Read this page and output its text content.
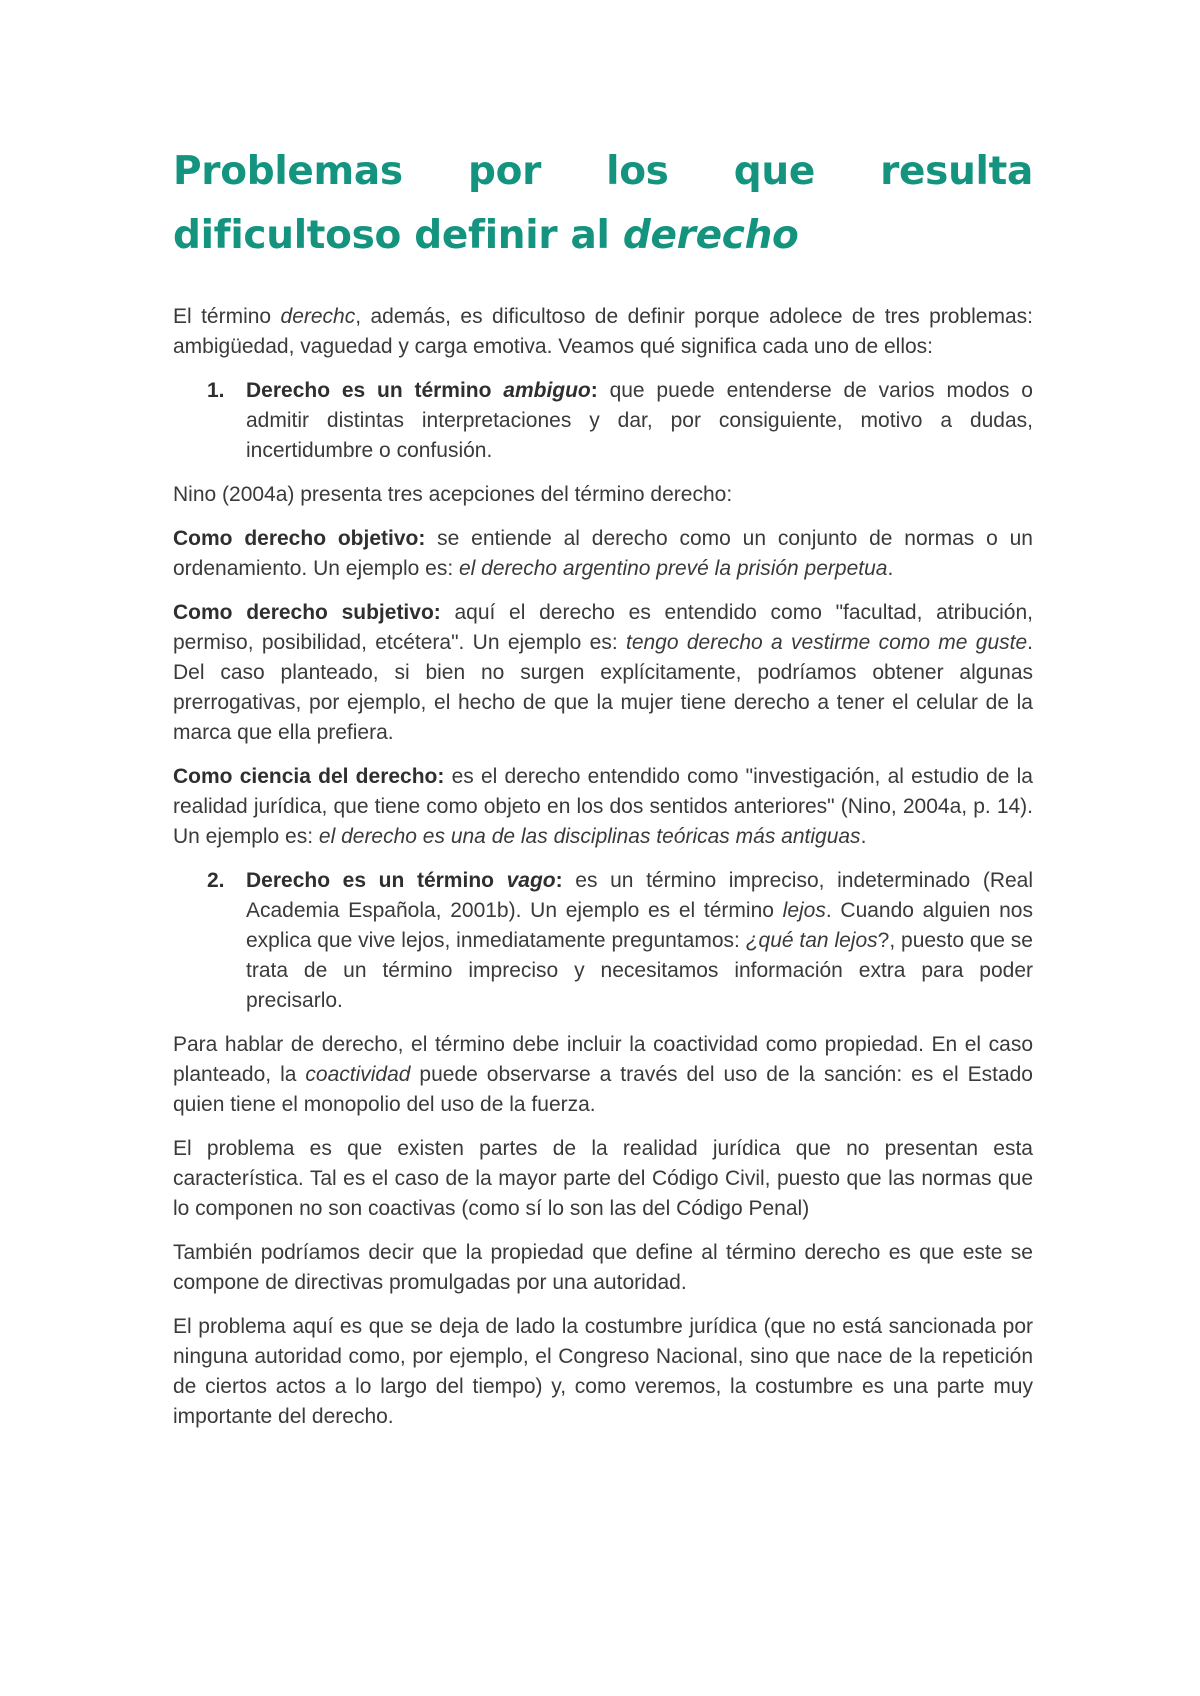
Problemas por los que resulta
dificultoso definir al derecho

El término derechc, además, es dificultoso de definir porque adolece de tres problemas: ambigüedad, vaguedad y carga emotiva. Veamos qué significa cada uno de ellos:

1. Derecho es un término ambiguo: que puede entenderse de varios modos o admitir distintas interpretaciones y dar, por consiguiente, motivo a dudas, incertidumbre o confusión.

Nino (2004a) presenta tres acepciones del término derecho:

Como derecho objetivo: se entiende al derecho como un conjunto de normas o un ordenamiento. Un ejemplo es: el derecho argentino prevé la prisión perpetua.

Como derecho subjetivo: aquí el derecho es entendido como "facultad, atribución, permiso, posibilidad, etcétera". Un ejemplo es: tengo derecho a vestirme como me guste. Del caso planteado, si bien no surgen explícitamente, podríamos obtener algunas prerrogativas, por ejemplo, el hecho de que la mujer tiene derecho a tener el celular de la marca que ella prefiera.

Como ciencia del derecho: es el derecho entendido como "investigación, al estudio de la realidad jurídica, que tiene como objeto en los dos sentidos anteriores" (Nino, 2004a, p. 14). Un ejemplo es: el derecho es una de las disciplinas teóricas más antiguas.

2. Derecho es un término vago: es un término impreciso, indeterminado (Real Academia Española, 2001b). Un ejemplo es el término lejos. Cuando alguien nos explica que vive lejos, inmediatamente preguntamos: ¿qué tan lejos?, puesto que se trata de un término impreciso y necesitamos información extra para poder precisarlo.

Para hablar de derecho, el término debe incluir la coactividad como propiedad. En el caso planteado, la coactividad puede observarse a través del uso de la sanción: es el Estado quien tiene el monopolio del uso de la fuerza.

El problema es que existen partes de la realidad jurídica que no presentan esta característica. Tal es el caso de la mayor parte del Código Civil, puesto que las normas que lo componen no son coactivas (como sí lo son las del Código Penal)

También podríamos decir que la propiedad que define al término derecho es que este se compone de directivas promulgadas por una autoridad.

El problema aquí es que se deja de lado la costumbre jurídica (que no está sancionada por ninguna autoridad como, por ejemplo, el Congreso Nacional, sino que nace de la repetición de ciertos actos a lo largo del tiempo) y, como veremos, la costumbre es una parte muy importante del derecho.
